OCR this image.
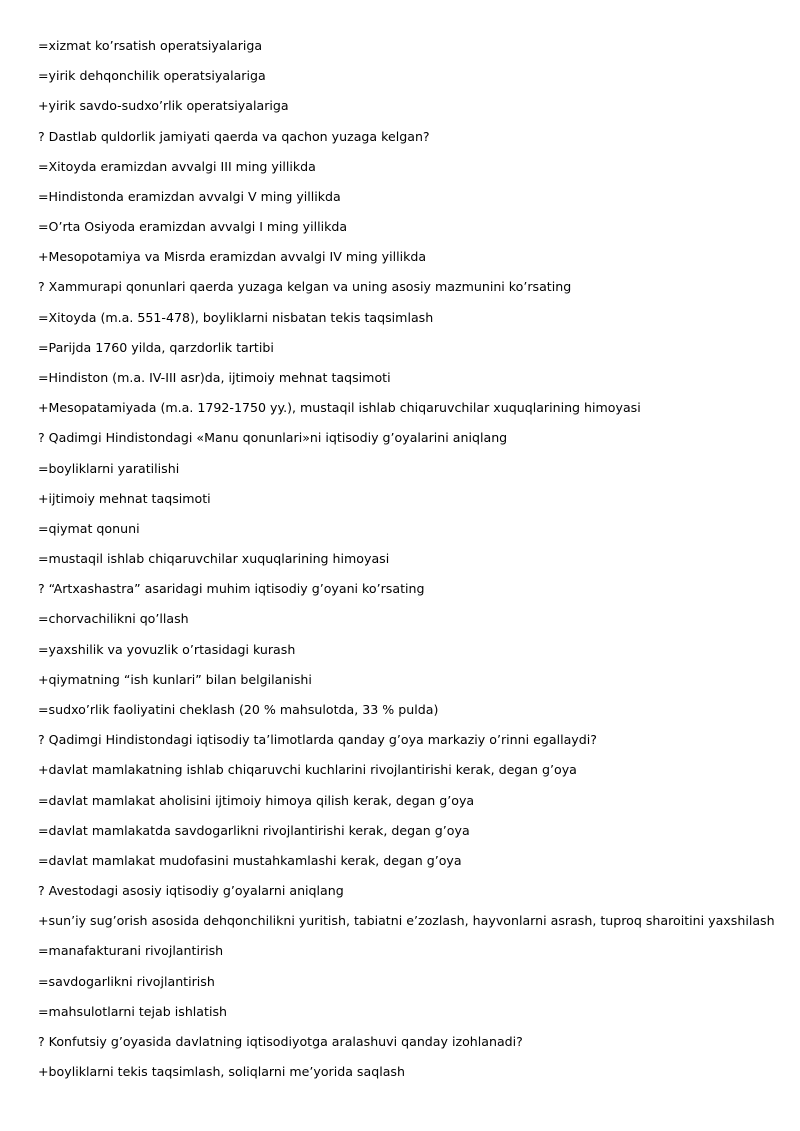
=xizmat ko’rsatish operatsiyalariga
=yirik dehqonchilik operatsiyalariga
+yirik savdo-sudxo’rlik operatsiyalariga
? Dastlab quldorlik jamiyati qaerda va qachon yuzaga kelgan?
=Xitoyda eramizdan avvalgi III ming yillikda
=Hindistonda eramizdan avvalgi V ming yillikda
=O’rta Osiyoda eramizdan avvalgi I ming yillikda
+Mesopotamiya va Misrda eramizdan avvalgi IV ming yillikda
? Xammurapi qonunlari qaerda yuzaga kelgan va uning asosiy mazmunini ko’rsating
=Xitoyda (m.a. 551-478), boyliklarni nisbatan tekis taqsimlash
=Parijda 1760 yilda, qarzdorlik tartibi
=Hindiston (m.a. IV-III asr)da, ijtimoiy mehnat taqsimoti
+Mesopatamiyada (m.a. 1792-1750 yy.), mustaqil ishlab chiqaruvchilar xuquqlarining himoyasi
? Qadimgi Hindistondagi «Manu qonunlari»ni iqtisodiy g’oyalarini aniqlang
=boyliklarni yaratilishi
+ijtimoiy mehnat taqsimoti
=qiymat qonuni
=mustaqil ishlab chiqaruvchilar xuquqlarining himoyasi
? “Artxashastra” asaridagi muhim iqtisodiy g’oyani ko’rsating
=chorvachilikni qo’llash
=yaxshilik va yovuzlik o’rtasidagi kurash
+qiymatning “ish kunlari” bilan belgilanishi
=sudxo’rlik faoliyatini cheklash (20 % mahsulotda, 33 % pulda)
? Qadimgi Hindistondagi iqtisodiy ta’limotlarda qanday g’oya markaziy o’rinni egallaydi?
+davlat mamlakatning ishlab chiqaruvchi kuchlarini rivojlantirishi kerak, degan g’oya
=davlat mamlakat aholisini ijtimoiy himoya qilish kerak, degan g’oya
=davlat mamlakatda savdogarlikni rivojlantirishi kerak, degan g’oya
=davlat mamlakat mudofasini mustahkamlashi kerak, degan g’oya
? Avestodagi asosiy iqtisodiy g’oyalarni aniqlang
+sun’iy sug’orish asosida dehqonchilikni yuritish, tabiatni e’zozlash, hayvonlarni asrash, tuproq sharoitini yaxshilash
=manafakturani rivojlantirish
=savdogarlikni rivojlantirish
=mahsulotlarni tejab ishlatish
? Konfutsiy g’oyasida davlatning iqtisodiyotga aralashuvi qanday izohlanadi?
+boyliklarni tekis taqsimlash, soliqlarni me’yorida saqlash
